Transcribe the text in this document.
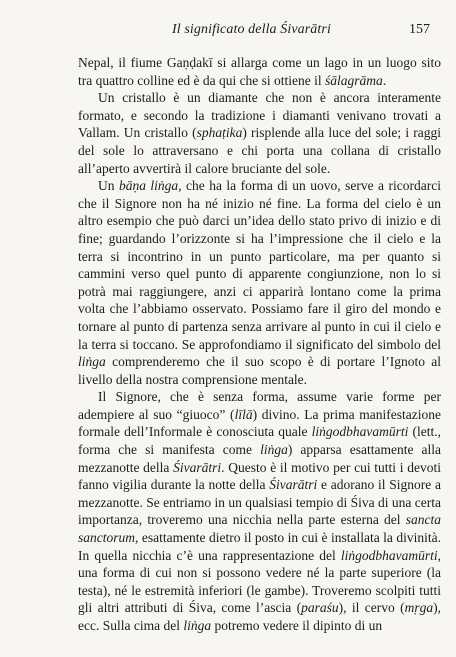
Il significato della Śivarātri	157

Nepal, il fiume Gaṇḍakī si allarga come un lago in un luogo sito tra quattro colline ed è da qui che si ottiene il śālagrāma.

Un cristallo è un diamante che non è ancora interamente formato, e secondo la tradizione i diamanti venivano trovati a Vallam. Un cristallo (sphaṭika) risplende alla luce del sole; i raggi del sole lo attraversano e chi porta una collana di cristallo all’aperto avvertirà il calore bruciante del sole.

Un bāṇa liṅga, che ha la forma di un uovo, serve a ricordarci che il Signore non ha né inizio né fine. La forma del cielo è un altro esempio che può darci un’idea dello stato privo di inizio e di fine; guardando l’orizzonte si ha l’impressione che il cielo e la terra si incontrino in un punto particolare, ma per quanto si cammini verso quel punto di apparente congiunzione, non lo si potrà mai raggiungere, anzi ci apparirà lontano come la prima volta che l’abbiamo osservato. Possiamo fare il giro del mondo e tornare al punto di partenza senza arrivare al punto in cui il cielo e la terra si toccano. Se approfondiamo il significato del simbolo del liṅga comprenderemo che il suo scopo è di portare l’Ignoto al livello della nostra comprensione mentale.

Il Signore, che è senza forma, assume varie forme per adempiere al suo “giuoco” (līlā) divino. La prima manifestazione formale dell’Informale è conosciuta quale liṅgodbhavamūrti (lett., forma che si manifesta come liṅga) apparsa esattamente alla mezzanotte della Śivarātri. Questo è il motivo per cui tutti i devoti fanno vigilia durante la notte della Śivarātri e adorano il Signore a mezzanotte. Se entriamo in un qualsiasi tempio di Śiva di una certa importanza, troveremo una nicchia nella parte esterna del sancta sanctorum, esattamente dietro il posto in cui è installata la divinità. In quella nicchia c’è una rappresentazione del liṅgodbhavamūrti, una forma di cui non si possono vedere né la parte superiore (la testa), né le estremità inferiori (le gambe). Troveremo scolpiti tutti gli altri attributi di Śiva, come l’ascia (paraśu), il cervo (mṛga), ecc. Sulla cima del liṅga potremo vedere il dipinto di un
